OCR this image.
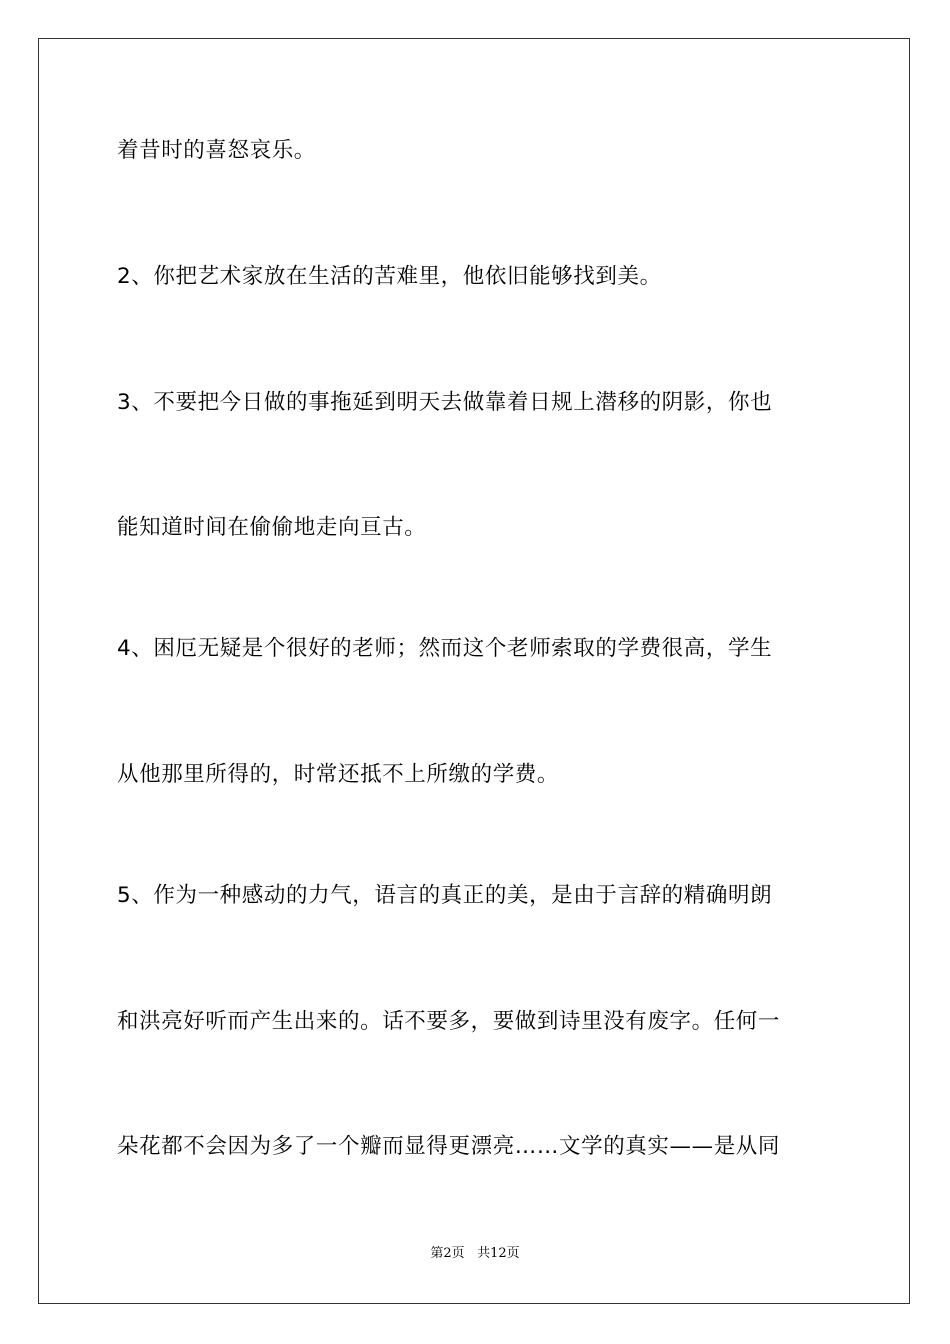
着昔时的喜怒哀乐。
2、你把艺术家放在生活的苦难里，他依旧能够找到美。
3、不要把今日做的事拖延到明天去做靠着日规上潜移的阴影，你也
能知道时间在偷偷地走向亘古。
4、困厄无疑是个很好的老师；然而这个老师索取的学费很高，学生
从他那里所得的，时常还抵不上所缴的学费。
5、作为一种感动的力气，语言的真正的美，是由于言辞的精确明朗
和洪亮好听而产生出来的。话不要多，要做到诗里没有废字。任何一
朵花都不会因为多了一个瓣而显得更漂亮……文学的真实——是从同
第2页 共12页
